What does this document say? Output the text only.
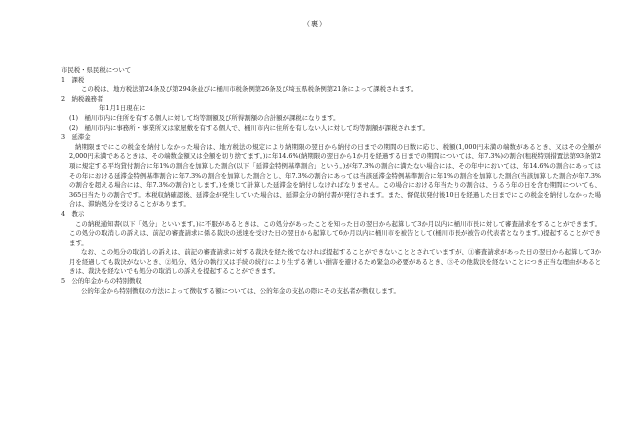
（裏）

市民税・県民税について

1　課税

この税は、地方税法第24条及び第294条並びに桶川市税条例第26条及び埼玉県税条例第21条によって課税されます。

2　納税義務者

年1月1日現在に

(1)　桶川市内に住所を有する個人に対して均等割額及び所得割額の合計額が課税になります。

(2)　桶川市内に事務所・事業所又は家屋敷を有する個人で、桶川市内に住所を有しない人に対して均等割額が課税されます。

3　延滞金

納期限までにこの税金を納付しなかった場合は、地方税法の規定により納期限の翌日から納付の日までの期間の日数に応じ、税額(1,000円未満の端数があるとき、又はその全額が2,000円未満であるときは、その端数金額又は全額を切り捨てます。)に年14.6%(納期限の翌日から1か月を経過する日までの期間については、年7.3%)の割合(租税特別措置法第93条第2項に規定する平均貸付割合に年1%の割合を加算した割合(以下「延滞金特例基準割合」という。)が年7.3%の割合に満たない場合には、その年中においては、年14.6%の割合にあってはその年における延滞金特例基準割合に年7.3%の割合を加算した割合とし、年7.3%の割合にあっては当該延滞金特例基準割合に年1%の割合を加算した割合(当該加算した割合が年7.3%の割合を超える場合には、年7.3%の割合)とします。)を乗じて計算した延滞金を納付しなければなりません。この場合における年当たりの割合は、うるう年の日を含む期間についても、365日当たりの割合です。本税収納確認後、延滞金が発生していた場合は、延滞金分の納付書が発行されます。また、督促状発付後10日を経過した日までにこの税金を納付しなかった場合は、滞納処分を受けることがあります。

4　教示

この納税通知書(以下「処分」といいます。)に不服があるときは、この処分があったことを知った日の翌日から起算して3か月以内に桶川市長に対して審査請求をすることができます。この処分の取消しの訴えは、前記の審査請求に係る裁決の送達を受けた日の翌日から起算して6か月以内に桶川市を被告として(桶川市長が被告の代表者となります。)提起することができます。

なお、この処分の取消しの訴えは、前記の審査請求に対する裁決を経た後でなければ提起することができないこととされていますが、①審査請求があった日の翌日から起算して3か月を経過しても裁決がないとき、②処分、処分の執行又は手続の続行により生ずる著しい損害を避けるため緊急の必要があるとき、③その他裁決を経ないことにつき正当な理由があるときは、裁決を経ないでも処分の取消しの訴えを提起することができます。

5　公的年金からの特別徴収

公的年金から特別徴収の方法によって徴収する額については、公的年金の支払の際にその支払者が徴収します。
